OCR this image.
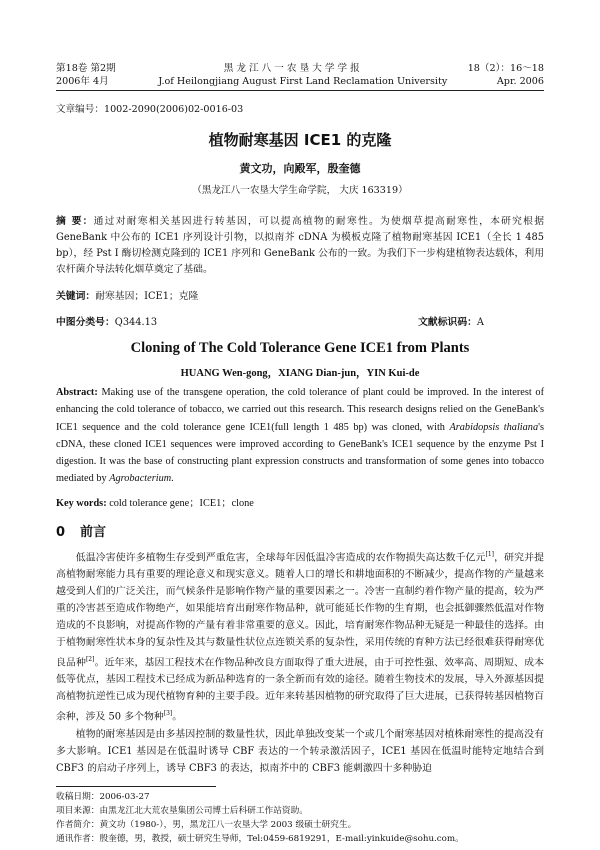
第18卷 第2期	黑 龙 江 八 一 农 垦 大 学 学 报	18（2）：16～18
2006年 4月	J.of Heilongjiang August First Land Reclamation University	Apr. 2006
文章编号：1002-2090(2006)02-0016-03
植物耐寒基因 ICE1 的克隆
黄文功，向殿军，殷奎德
（黑龙江八一农垦大学生命学院， 大庆 163319）
摘 要：通过对耐寒相关基因进行转基因，可以提高植物的耐寒性。为使烟草提高耐寒性，本研究根据 GeneBank 中公布的 ICE1 序列设计引物，以拟南芥 cDNA 为模板克隆了植物耐寒基因 ICE1（全长 1 485 bp），经 Pst I 酶切检测克隆到的 ICE1 序列和 GeneBank 公布的一致。为我们下一步构建植物表达载体，利用农杆菌介导法转化烟草奠定了基础。
关键词：耐寒基因；ICE1；克隆
中图分类号：Q344.13	文献标识码：A
Cloning of The Cold Tolerance Gene ICE1 from Plants
HUANG Wen-gong，XIANG Dian-jun，YIN Kui-de
Abstract: Making use of the transgene operation, the cold tolerance of plant could be improved. In the interest of enhancing the cold tolerance of tobacco, we carried out this research. This research designs relied on the GeneBank's ICE1 sequence and the cold tolerance gene ICE1(full length 1 485 bp) was cloned, with Arabidopsis thaliana's cDNA, these cloned ICE1 sequences were improved according to GeneBank's ICE1 sequence by the enzyme Pst I digestion. It was the base of constructing plant expression constructs and transformation of some genes into tobacco mediated by Agrobacterium.
Key words: cold tolerance gene；ICE1；clone
0 前言

低温冷害使许多植物生存受到严重危害，全球每年因低温冷害造成的农作物损失高达数千亿元[1]，研究并提高植物耐寒能力具有重要的理论意义和现实意义。随着人口的增长和耕地面积的不断减少，提高作物的产量越来越受到人们的广泛关注，而气候条件是影响作物产量的重要因素之一。冷害一直制约着作物产量的提高，较为严重的冷害甚至造成作物绝产，如果能培育出耐寒作物品种，就可能延长作物的生育期，也会抵御骤然低温对作物造成的不良影响，对提高作物的产量有着非常重要的意义。因此，培育耐寒作物品种无疑是一种最佳的选择。由于植物耐寒性状本身的复杂性及其与数量性状位点连锁关系的复杂性，采用传统的育种方法已经很难获得耐寒优良品种[2]。近年来，基因工程技术在作物品种改良方面取得了重大进展，由于可控性强、效率高、周期短、成本低等优点，基因工程技术已经成为新品种选育的一条全新而有效的途径。随着生物技术的发展，导入外源基因提高植物抗逆性已成为现代植物育种的主要手段。近年来转基因植物的研究取得了巨大进展，已获得转基因植物百余种，涉及 50 多个物种[3]。

植物的耐寒基因是由多基因控制的数量性状，因此单独改变某一个或几个耐寒基因对植株耐寒性的提高没有多大影响。ICE1 基因是在低温时诱导 CBF 表达的一个转录激活因子，ICE1 基因在低温时能特定地结合到 CBF3 的启动子序列上，诱导 CBF3 的表达，拟南芥中的 CBF3 能刺激四十多种胁迫

收稿日期：2006-03-27
项目来源：由黑龙江北大荒农垦集团公司博士后科研工作站资助。
作者简介：黄文功（1980-），男，黑龙江八一农垦大学 2003 级硕士研究生。
通讯作者：殷奎德，男，教授，硕士研究生导师，Tel:0459-6819291，E-mail:yinkuide@sohu.com。
